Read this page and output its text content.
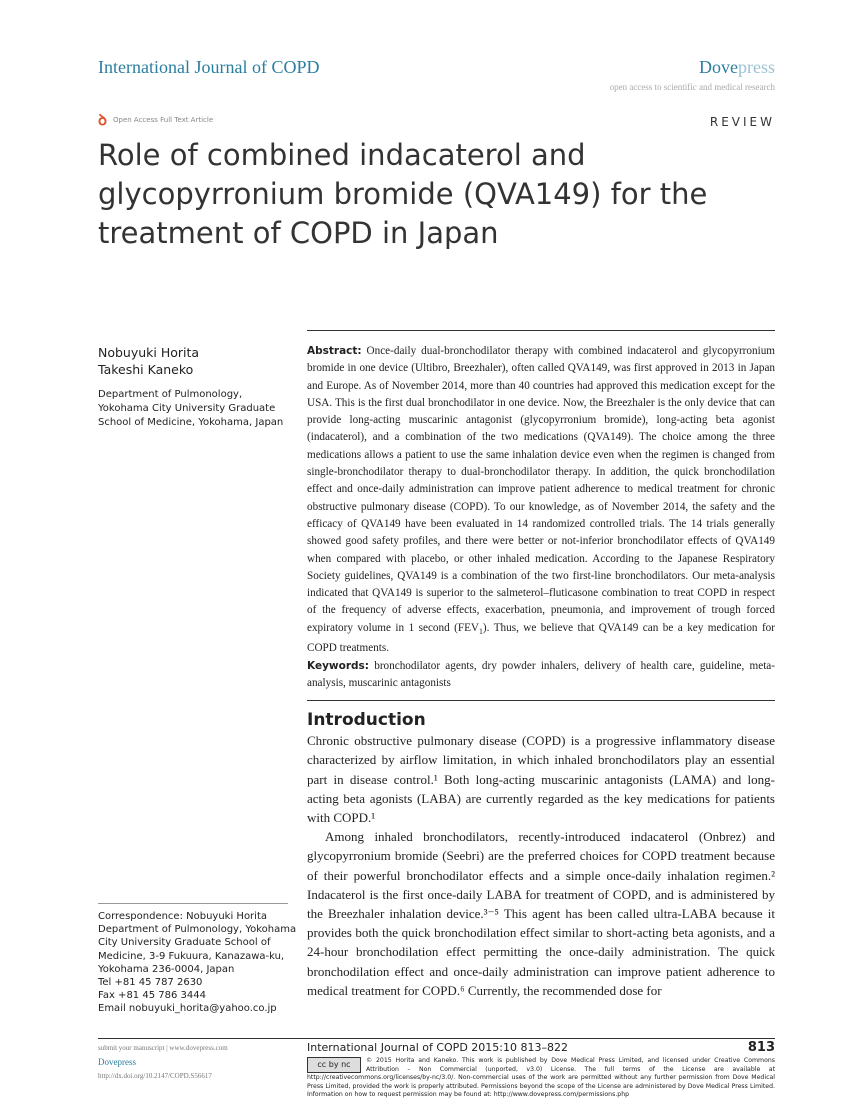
International Journal of COPD	Dovepress
open access to scientific and medical research
ꝺ Open Access Full Text Article	REVIEW
Role of combined indacaterol and glycopyrronium bromide (QVA149) for the treatment of COPD in Japan
Nobuyuki Horita
Takeshi Kaneko
Department of Pulmonology,
Yokohama City University Graduate
School of Medicine, Yokohama, Japan
Correspondence: Nobuyuki Horita
Department of Pulmonology, Yokohama
City University Graduate School of
Medicine, 3-9 Fukuura, Kanazawa-ku,
Yokohama 236-0004, Japan
Tel +81 45 787 2630
Fax +81 45 786 3444
Email nobuyuki_horita@yahoo.co.jp
Abstract: Once-daily dual-bronchodilator therapy with combined indacaterol and glycopyrronium bromide in one device (Ultibro, Breezhaler), often called QVA149, was first approved in 2013 in Japan and Europe. As of November 2014, more than 40 countries had approved this medication except for the USA. This is the first dual bronchodilator in one device. Now, the Breezhaler is the only device that can provide long-acting muscarinic antagonist (glycopyrronium bromide), long-acting beta agonist (indacaterol), and a combination of the two medications (QVA149). The choice among the three medications allows a patient to use the same inhalation device even when the regimen is changed from single-bronchodilator therapy to dual-bronchodilator therapy. In addition, the quick bronchodilation effect and once-daily administration can improve patient adherence to medical treatment for chronic obstructive pulmonary disease (COPD). To our knowledge, as of November 2014, the safety and the efficacy of QVA149 have been evaluated in 14 randomized controlled trials. The 14 trials generally showed good safety profiles, and there were better or not-inferior bronchodilator effects of QVA149 when compared with placebo, or other inhaled medication. According to the Japanese Respiratory Society guidelines, QVA149 is a combination of the two first-line bronchodilators. Our meta-analysis indicated that QVA149 is superior to the salmeterol–fluticasone combination to treat COPD in respect of the frequency of adverse effects, exacerbation, pneumonia, and improvement of trough forced expiratory volume in 1 second $(FEV_1)$. Thus, we believe that QVA149 can be a key medication for COPD treatments.
Keywords: bronchodilator agents, dry powder inhalers, delivery of health care, guideline, meta-analysis, muscarinic antagonists
Introduction

Chronic obstructive pulmonary disease (COPD) is a progressive inflammatory disease characterized by airflow limitation, in which inhaled bronchodilators play an essential part in disease control.¹ Both long-acting muscarinic antagonists (LAMA) and long-acting beta agonists (LABA) are currently regarded as the key medications for patients with COPD.¹

Among inhaled bronchodilators, recently-introduced indacaterol (Onbrez) and glycopyrronium bromide (Seebri) are the preferred choices for COPD treatment because of their powerful bronchodilator effects and a simple once-daily inhalation regimen.² Indacaterol is the first once-daily LABA for treatment of COPD, and is administered by the Breezhaler inhalation device.³⁻⁵ This agent has been called ultra-LABA because it provides both the quick bronchodilation effect similar to short-acting beta agonists, and a 24-hour bronchodilation effect permitting the once-daily administration. The quick bronchodilation effect and once-daily administration can improve patient adherence to medical treatment for COPD.⁶ Currently, the recommended dose for

submit your manuscript | www.dovepress.com
Dovepress
http://dx.doi.org/10.2147/COPD.S56617
International Journal of COPD 2015:10 813–822	813
cc by nc	© 2015 Horita and Kaneko. This work is published by Dove Medical Press Limited, and licensed under Creative Commons Attribution – Non Commercial (unported, v3.0) License. The full terms of the License are available at http://creativecommons.org/licenses/by-nc/3.0/. Non-commercial uses of the work are permitted without any further permission from Dove Medical Press Limited, provided the work is properly attributed. Permissions beyond the scope of the License are administered by Dove Medical Press Limited. Information on how to request permission may be found at: http://www.dovepress.com/permissions.php
